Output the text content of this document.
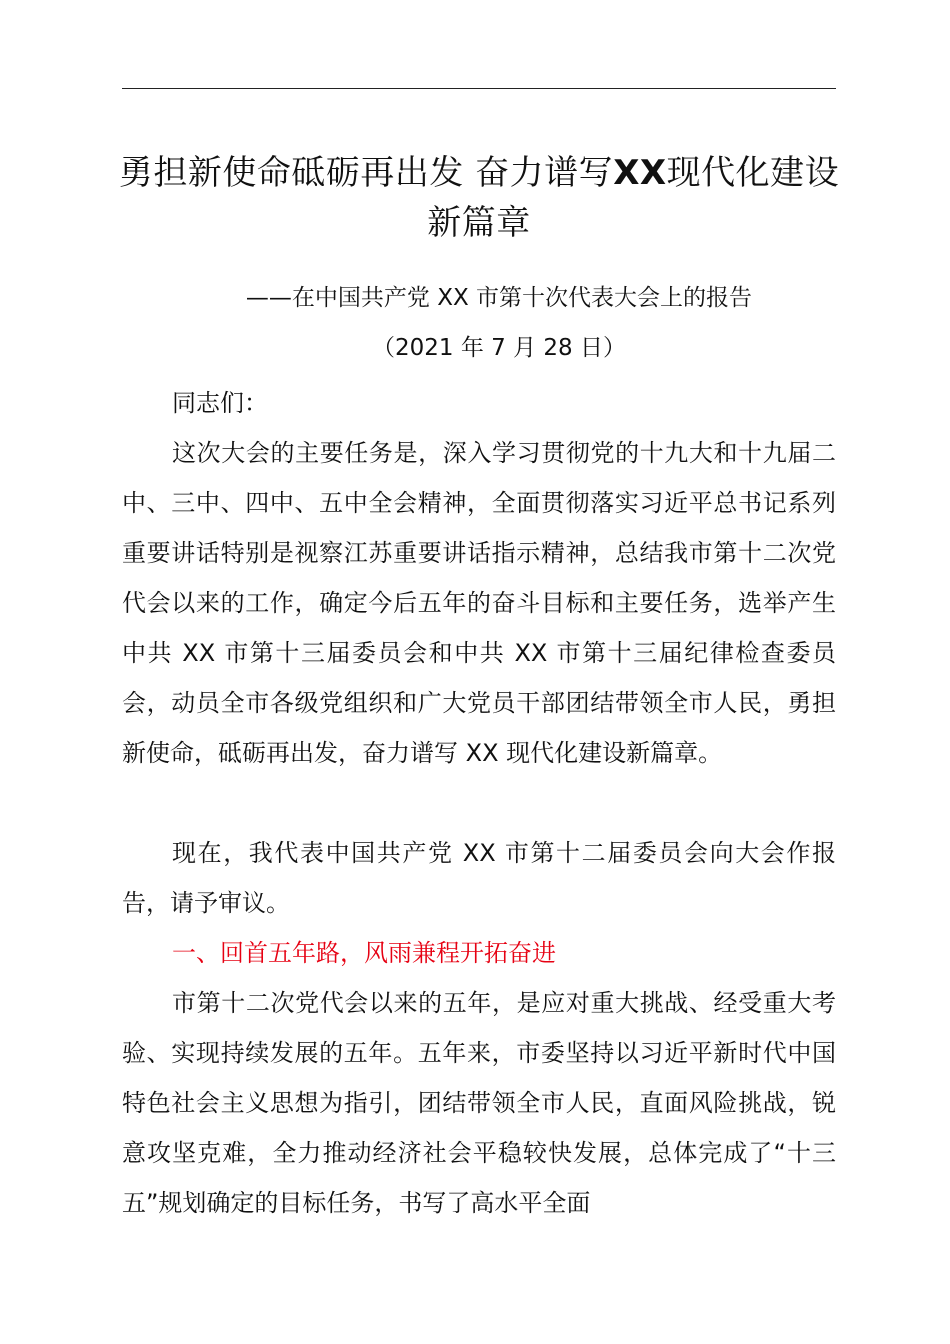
勇担新使命砥砺再出发 奋力谱写XX现代化建设新篇章
——在中国共产党 XX 市第十次代表大会上的报告
（2021 年 7 月 28 日）

同志们：

这次大会的主要任务是，深入学习贯彻党的十九大和十九届二中、三中、四中、五中全会精神，全面贯彻落实习近平总书记系列重要讲话特别是视察江苏重要讲话指示精神，总结我市第十二次党代会以来的工作，确定今后五年的奋斗目标和主要任务，选举产生中共 XX 市第十三届委员会和中共 XX 市第十三届纪律检查委员会，动员全市各级党组织和广大党员干部团结带领全市人民，勇担新使命，砥砺再出发，奋力谱写 XX 现代化建设新篇章。

现在，我代表中国共产党 XX 市第十二届委员会向大会作报告，请予审议。

一、回首五年路，风雨兼程开拓奋进

市第十二次党代会以来的五年，是应对重大挑战、经受重大考验、实现持续发展的五年。五年来，市委坚持以习近平新时代中国特色社会主义思想为指引，团结带领全市人民，直面风险挑战，锐意攻坚克难，全力推动经济社会平稳较快发展，总体完成了“十三五”规划确定的目标任务，书写了高水平全面
